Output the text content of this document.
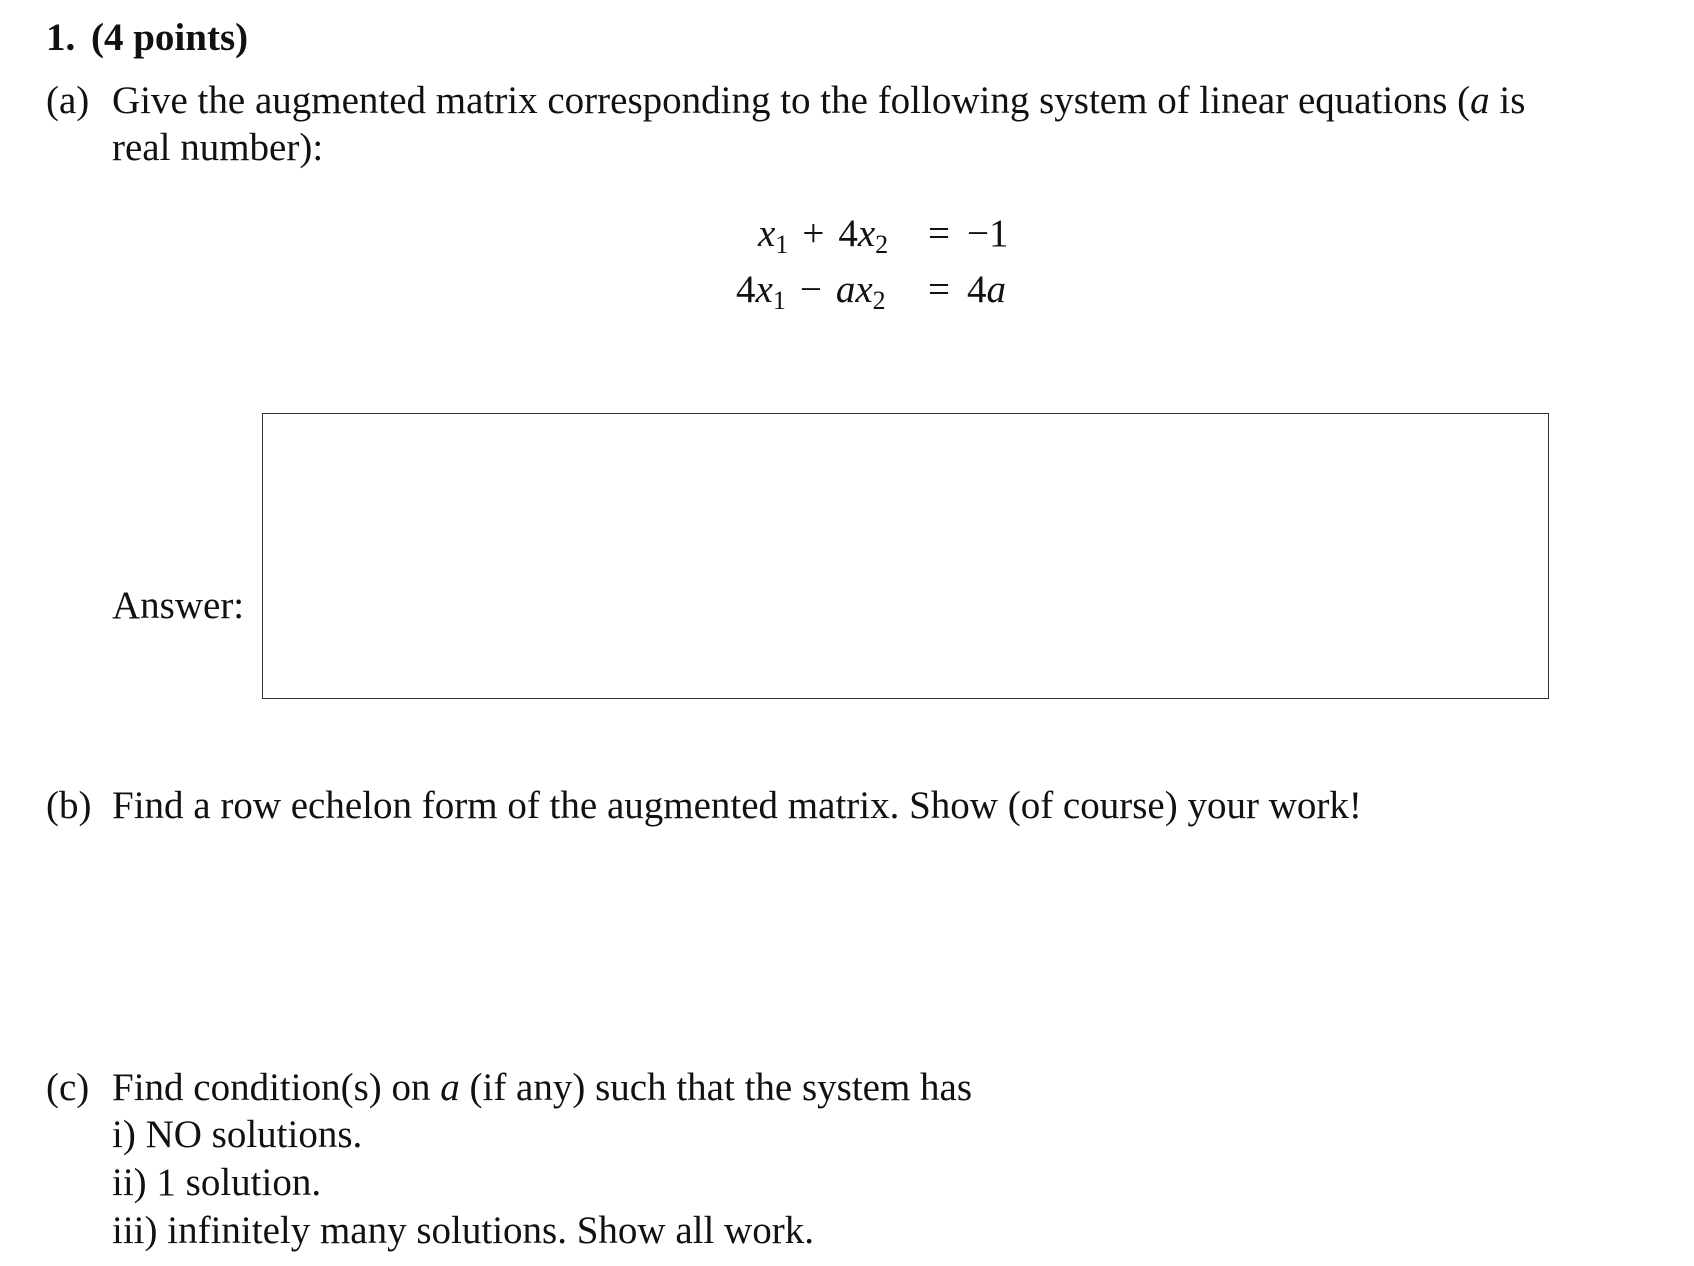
1. (4 points)
(a) Give the augmented matrix corresponding to the following system of linear equations (a is
real number):
$x_1 + 4x_2 = -1$
$4x_1 - ax_2 = 4a$
Answer:
(b) Find a row echelon form of the augmented matrix. Show (of course) your work!
(c) Find condition(s) on a (if any) such that the system has
i) NO solutions.
ii) 1 solution.
iii) infinitely many solutions. Show all work.
